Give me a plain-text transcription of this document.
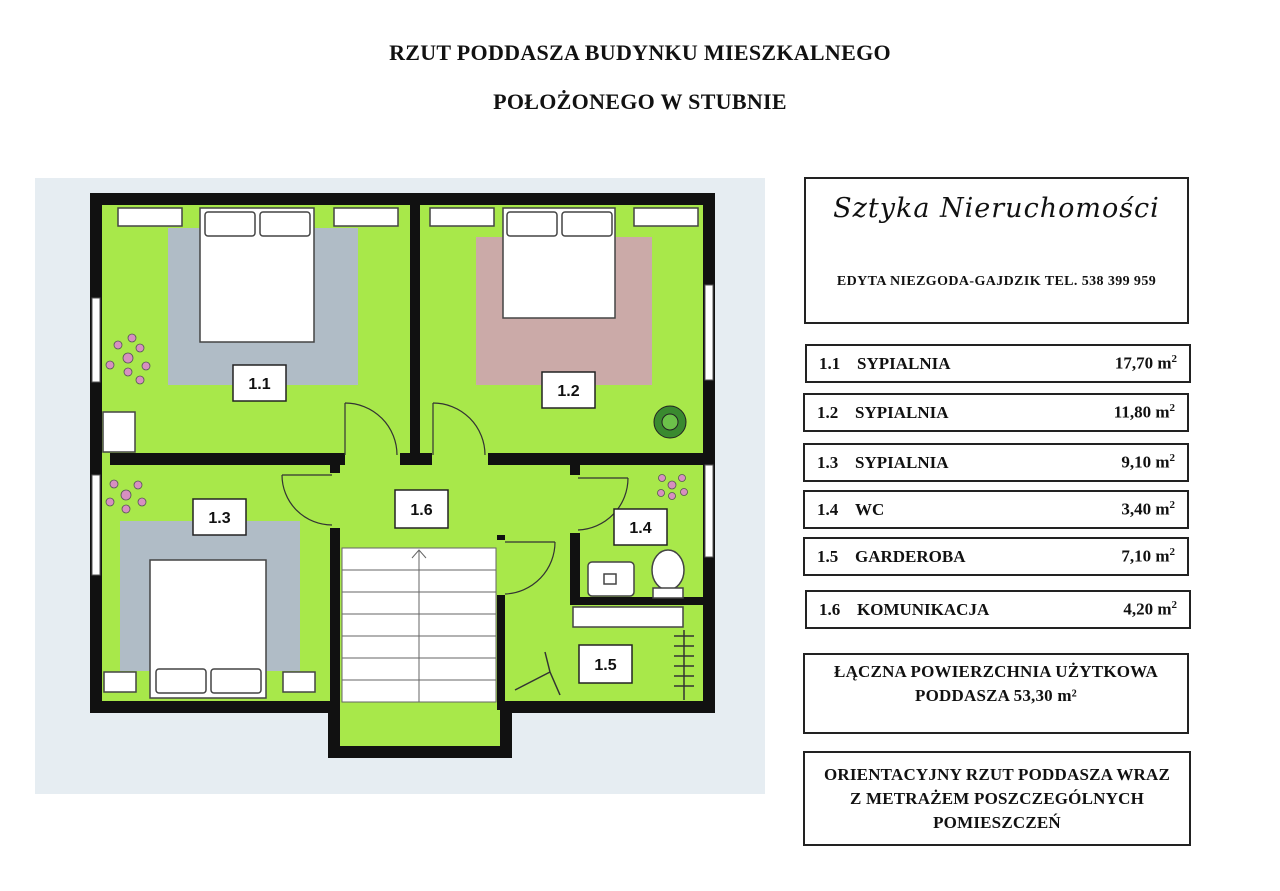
RZUT PODDASZA BUDYNKU MIESZKALNEGO
POŁOŻONEGO W STUBNIE
1.1	1.2
1.3	1.6
1.4
1.5
Sztyka Nieruchomości
EDYTA NIEZGODA-GAJDZIK TEL. 538 399 959
1.1 SYPIALNIA	17,70 $m^2$
1.2 SYPIALNIA	11,80 $m^2$
1.3 SYPIALNIA	9,10 $m^2$
1.4 WC	3,40 $m^2$
1.5 GARDEROBA	7,10 $m^2$
1.6 KOMUNIKACJA	4,20 $m^2$
ŁĄCZNA POWIERZCHNIA UŻYTKOWA
PODDASZA 53,30 m²
ORIENTACYJNY RZUT PODDASZA WRAZ
Z METRAŻEM POSZCZEGÓLNYCH
POMIESZCZEŃ
